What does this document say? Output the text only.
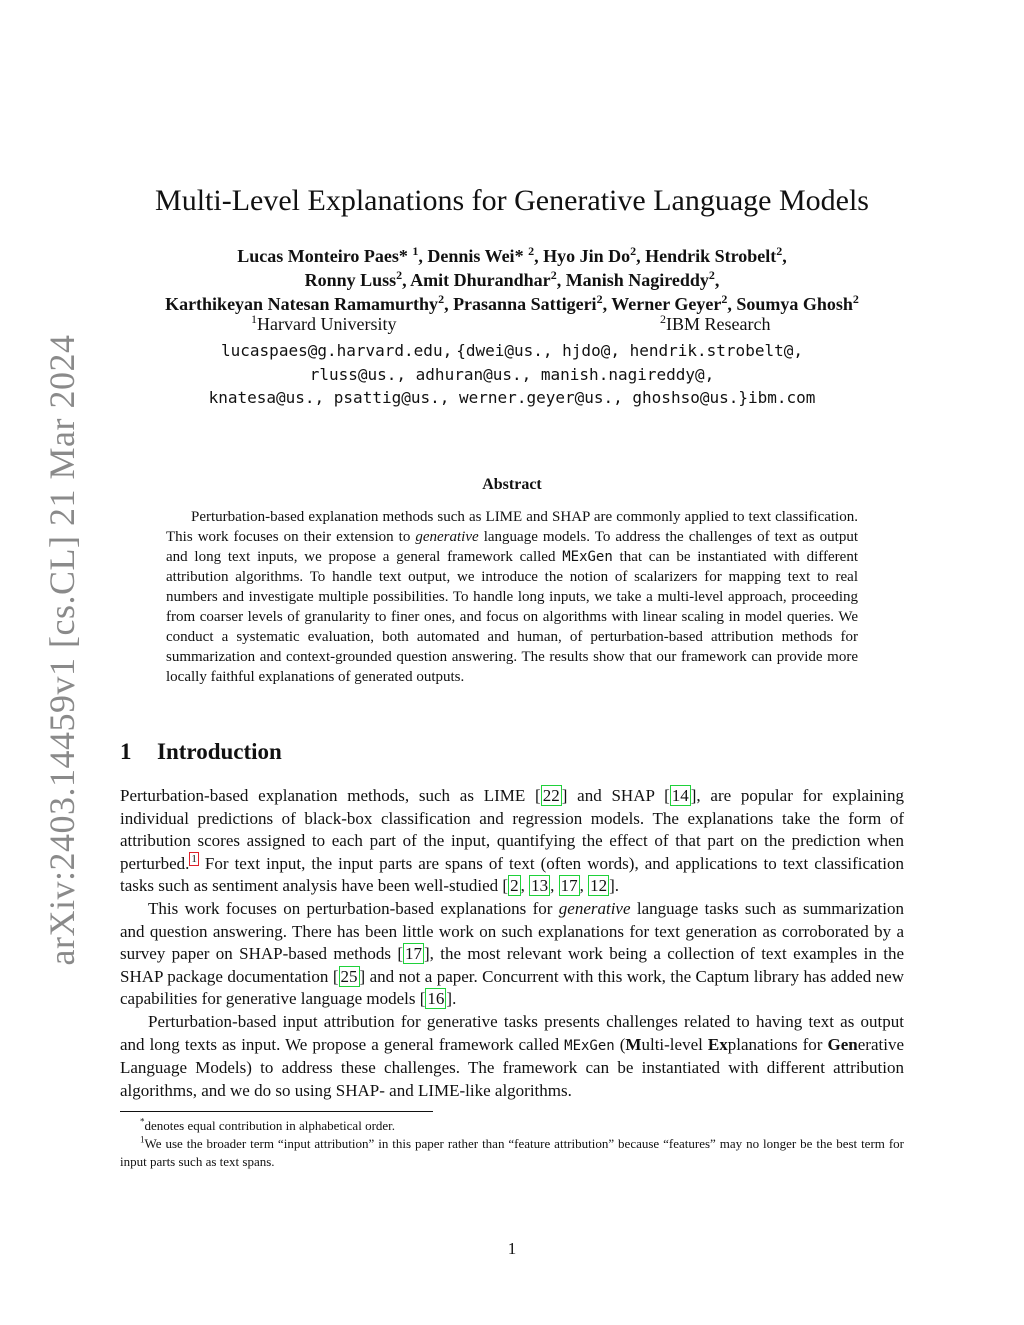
arXiv:2403.14459v1 [cs.CL] 21 Mar 2024
Multi-Level Explanations for Generative Language Models
Lucas Monteiro Paes* $^1$, Dennis Wei* $^2$, Hyo Jin Do$^2$, Hendrik Strobelt$^2$,
Ronny Luss$^2$, Amit Dhurandhar$^2$, Manish Nagireddy$^2$,
Karthikeyan Natesan Ramamurthy$^2$, Prasanna Sattigeri$^2$, Werner Geyer$^2$, Soumya Ghosh$^2$
$^1$Harvard University	$^2$IBM Research
lucaspaes@g.harvard.edu, {dwei@us., hjdo@, hendrik.strobelt@,
rluss@us., adhuran@us., manish.nagireddy@,
knatesa@us., psattig@us., werner.geyer@us., ghoshso@us.}ibm.com
Abstract
Perturbation-based explanation methods such as LIME and SHAP are commonly applied to text classification. This work focuses on their extension to generative language models. To address the challenges of text as output and long text inputs, we propose a general framework called MExGen that can be instantiated with different attribution algorithms. To handle text output, we introduce the notion of scalarizers for mapping text to real numbers and investigate multiple possibilities. To handle long inputs, we take a multi-level approach, proceeding from coarser levels of granularity to finer ones, and focus on algorithms with linear scaling in model queries. We conduct a systematic evaluation, both automated and human, of perturbation-based attribution methods for summarization and context-grounded question answering. The results show that our framework can provide more locally faithful explanations of generated outputs.
1 Introduction

Perturbation-based explanation methods, such as LIME [ 22 ] and SHAP [ 14 ], are popular for explaining individual predictions of black-box classification and regression models. The explanations take the form of attribution scores assigned to each part of the input, quantifying the effect of that part on the prediction when perturbed. $^1$ For text input, the input parts are spans of text (often words), and applications to text classification tasks such as sentiment analysis have been well-studied [ 2 , 13 , 17 , 12 ].

This work focuses on perturbation-based explanations for generative language tasks such as summarization and question answering. There has been little work on such explanations for text generation as corroborated by a survey paper on SHAP-based methods [ 17 ], the most relevant work being a collection of text examples in the SHAP package documentation [ 25 ] and not a paper. Concurrent with this work, the Captum library has added new capabilities for generative language models [ 16 ].

Perturbation-based input attribution for generative tasks presents challenges related to having text as output and long texts as input. We propose a general framework called MExGen (Multi-level Explanations for Generative Language Models) to address these challenges. The framework can be instantiated with different attribution algorithms, and we do so using SHAP- and LIME-like algorithms.

*denotes equal contribution in alphabetical order.

$^1$We use the broader term “input attribution” in this paper rather than “feature attribution” because “features” may no longer be the best term for input parts such as text spans.

1
